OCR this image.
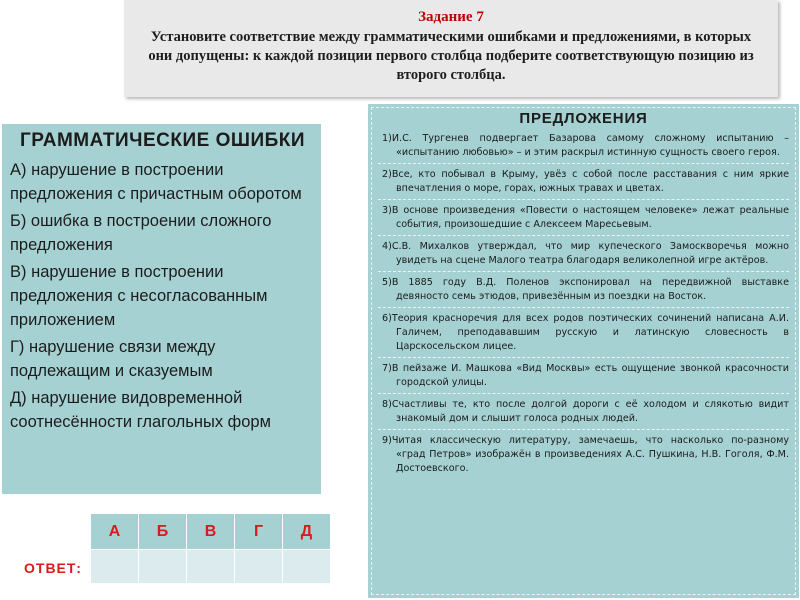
Задание 7
Установите соответствие между грамматическими ошибками и предложениями, в которых они допущены: к каждой позиции первого столбца подберите соответствующую позицию из второго столбца.
ГРАММАТИЧЕСКИЕ ОШИБКИ
А) нарушение в построении предложения с причастным оборотом
Б) ошибка в построении сложного предложения
В) нарушение в построении предложения с несогласованным приложением
Г) нарушение связи между подлежащим и сказуемым
Д) нарушение видовременной соотнесённости глагольных форм
ОТВЕТ:
А	Б	В	Г	Д

ПРЕДЛОЖЕНИЯ
1)И.С. Тургенев подвергает Базарова самому сложному испытанию – «испытанию любовью» – и этим раскрыл истинную сущность своего героя.
2)Все, кто побывал в Крыму, увёз с собой после расставания с ним яркие впечатления о море, горах, южных травах и цветах.
3)В основе произведения «Повести о настоящем человеке» лежат реальные события, произошедшие с Алексеем Маресьевым.
4)С.В. Михалков утверждал, что мир купеческого Замоскворечья можно увидеть на сцене Малого театра благодаря великолепной игре актёров.
5)В 1885 году В.Д. Поленов экспонировал на передвижной выставке девяносто семь этюдов, привезённым из поездки на Восток.
6)Теория красноречия для всех родов поэтических сочинений написана А.И. Галичем, преподававшим русскую и латинскую словесность в Царскосельском лицее.
7)В пейзаже И. Машкова «Вид Москвы» есть ощущение звонкой красочности городской улицы.
8)Счастливы те, кто после долгой дороги с её холодом и слякотью видит знакомый дом и слышит голоса родных людей.
9)Читая классическую литературу, замечаешь, что насколько по-разному «град Петров» изображён в произведениях А.С. Пушкина, Н.В. Гоголя, Ф.М. Достоевского.
